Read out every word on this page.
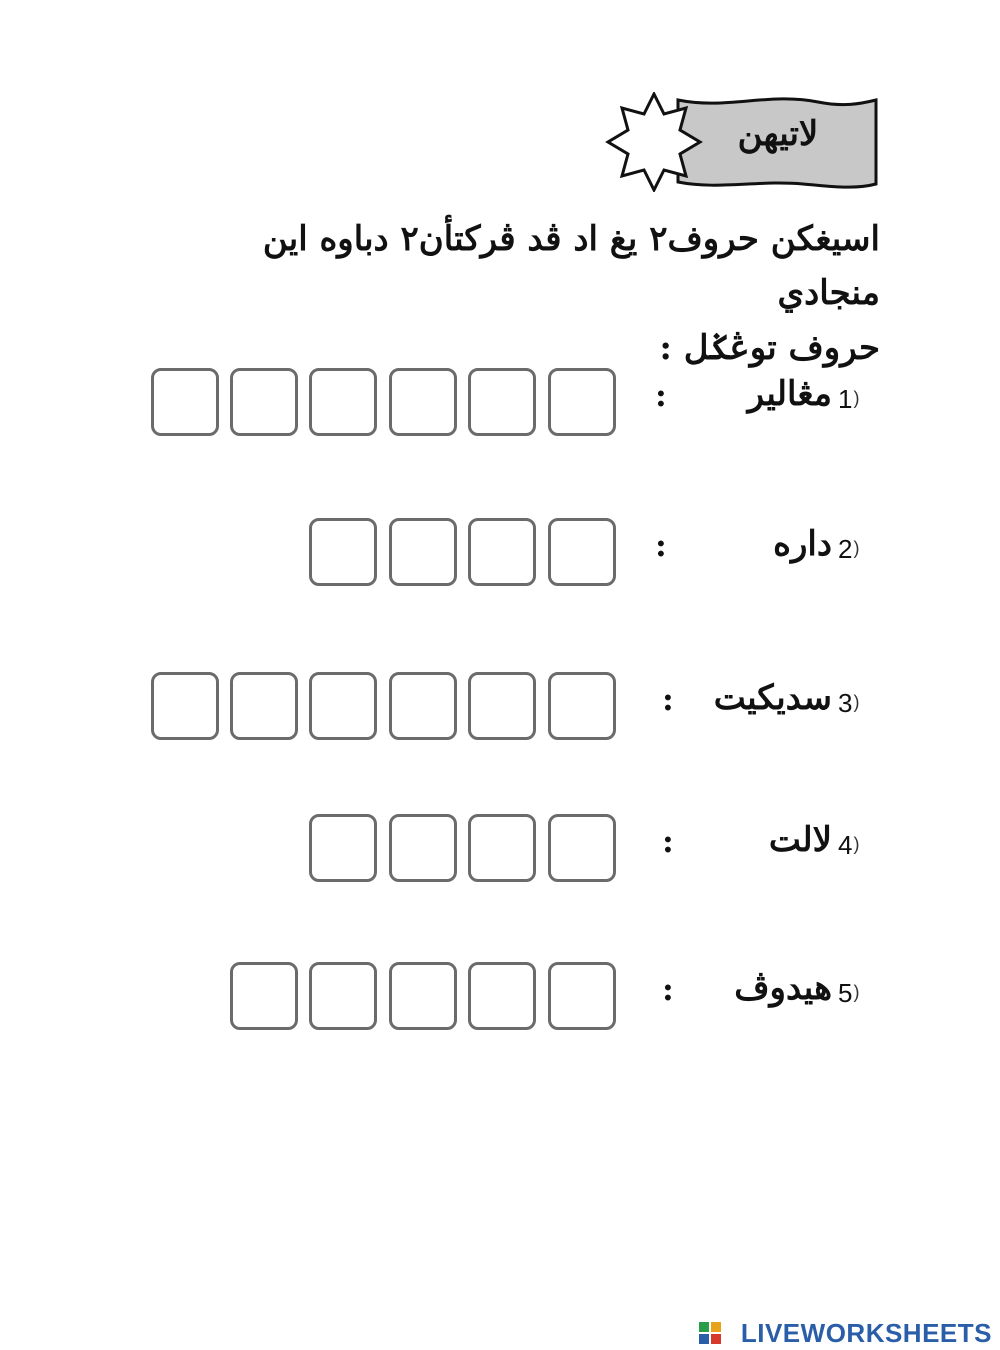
لاتيهن
اسيغكن حروف٢ يغ اد ڤد ڤركتأن٢ دباوه اين منجادي
حروف توڠݢل :
1)
مڠالير
:
2)
داره
:
3)
سديكيت
:
4)
لالت
:
5)
هيدوڤ
:
LIVEWORKSHEETS
